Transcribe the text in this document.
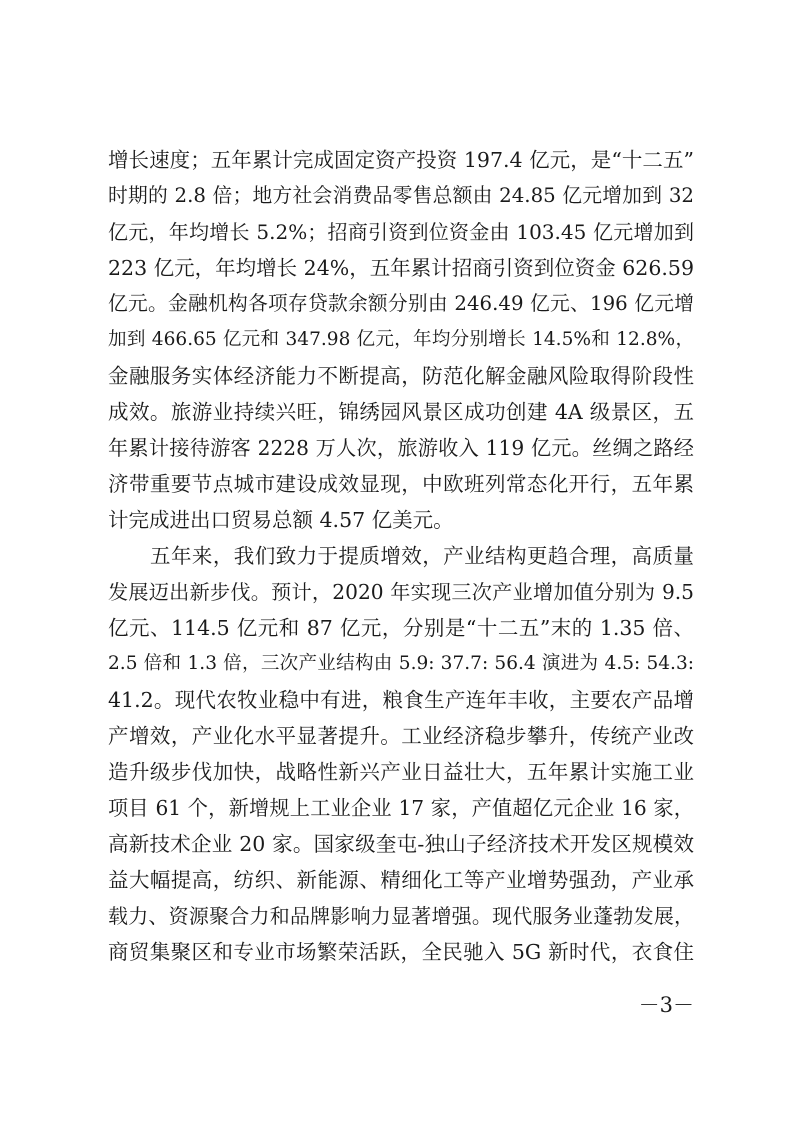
增长速度；五年累计完成固定资产投资 197.4 亿元，是“十二五”
时期的 2.8 倍；地方社会消费品零售总额由 24.85 亿元增加到 32
亿元，年均增长 5.2%；招商引资到位资金由 103.45 亿元增加到
223 亿元，年均增长 24%，五年累计招商引资到位资金 626.59
亿元。金融机构各项存贷款余额分别由 246.49 亿元、196 亿元增
加到 466.65 亿元和 347.98 亿元，年均分别增长 14.5%和 12.8%，
金融服务实体经济能力不断提高，防范化解金融风险取得阶段性
成效。旅游业持续兴旺，锦绣园风景区成功创建 4A 级景区，五
年累计接待游客 2228 万人次，旅游收入 119 亿元。丝绸之路经
济带重要节点城市建设成效显现，中欧班列常态化开行，五年累
计完成进出口贸易总额 4.57 亿美元。
五年来，我们致力于提质增效，产业结构更趋合理，高质量
发展迈出新步伐。预计，2020 年实现三次产业增加值分别为 9.5
亿元、114.5 亿元和 87 亿元，分别是“十二五”末的 1.35 倍、
2.5 倍和 1.3 倍，三次产业结构由 5.9: 37.7: 56.4 演进为 4.5: 54.3:
41.2。现代农牧业稳中有进，粮食生产连年丰收，主要农产品增
产增效，产业化水平显著提升。工业经济稳步攀升，传统产业改
造升级步伐加快，战略性新兴产业日益壮大，五年累计实施工业
项目 61 个，新增规上工业企业 17 家，产值超亿元企业 16 家，
高新技术企业 20 家。国家级奎屯-独山子经济技术开发区规模效
益大幅提高，纺织、新能源、精细化工等产业增势强劲，产业承
载力、资源聚合力和品牌影响力显著增强。现代服务业蓬勃发展，
商贸集聚区和专业市场繁荣活跃，全民驰入 5G 新时代，衣食住
－3－
